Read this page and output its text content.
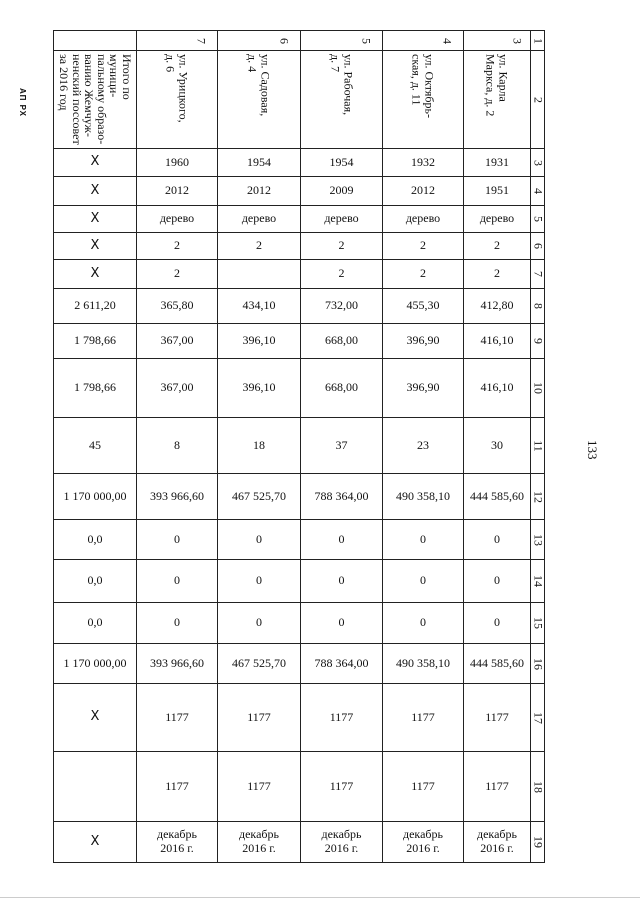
АП РХ
133

	7	6	5	4	3	1

Итого по муници-
пальному образо-
ванию Жемчуж-
ненский поссовет
за 2016 год	ул. Урицкого,
д. 6	ул. Садовая,
д. 4	ул. Рабочая,
д. 7	ул. Октябрь-
ская, д. 11	ул. Карла
Маркса, д. 2	2

Х	1960	1954	1954	1932	1931	3

Х	2012	2012	2009	2012	1951	4

Х	дерево	дерево	дерево	дерево	дерево	5

Х	2	2	2	2	2	6

Х	2		2	2	2	7

2 611,20	365,80	434,10	732,00	455,30	412,80	8

1 798,66	367,00	396,10	668,00	396,90	416,10	9

1 798,66	367,00	396,10	668,00	396,90	416,10	10

45	8	18	37	23	30	11

1 170 000,00	393 966,60	467 525,70	788 364,00	490 358,10	444 585,60	12

0,0	0	0	0	0	0	13

0,0	0	0	0	0	0	14

0,0	0	0	0	0	0	15

1 170 000,00	393 966,60	467 525,70	788 364,00	490 358,10	444 585,60	16

Х	1177	1177	1177	1177	1177	17

	1177	1177	1177	1177	1177	18

Х	декабрь
2016 г.	декабрь
2016 г.	декабрь
2016 г.	декабрь
2016 г.	декабрь
2016 г.	19
